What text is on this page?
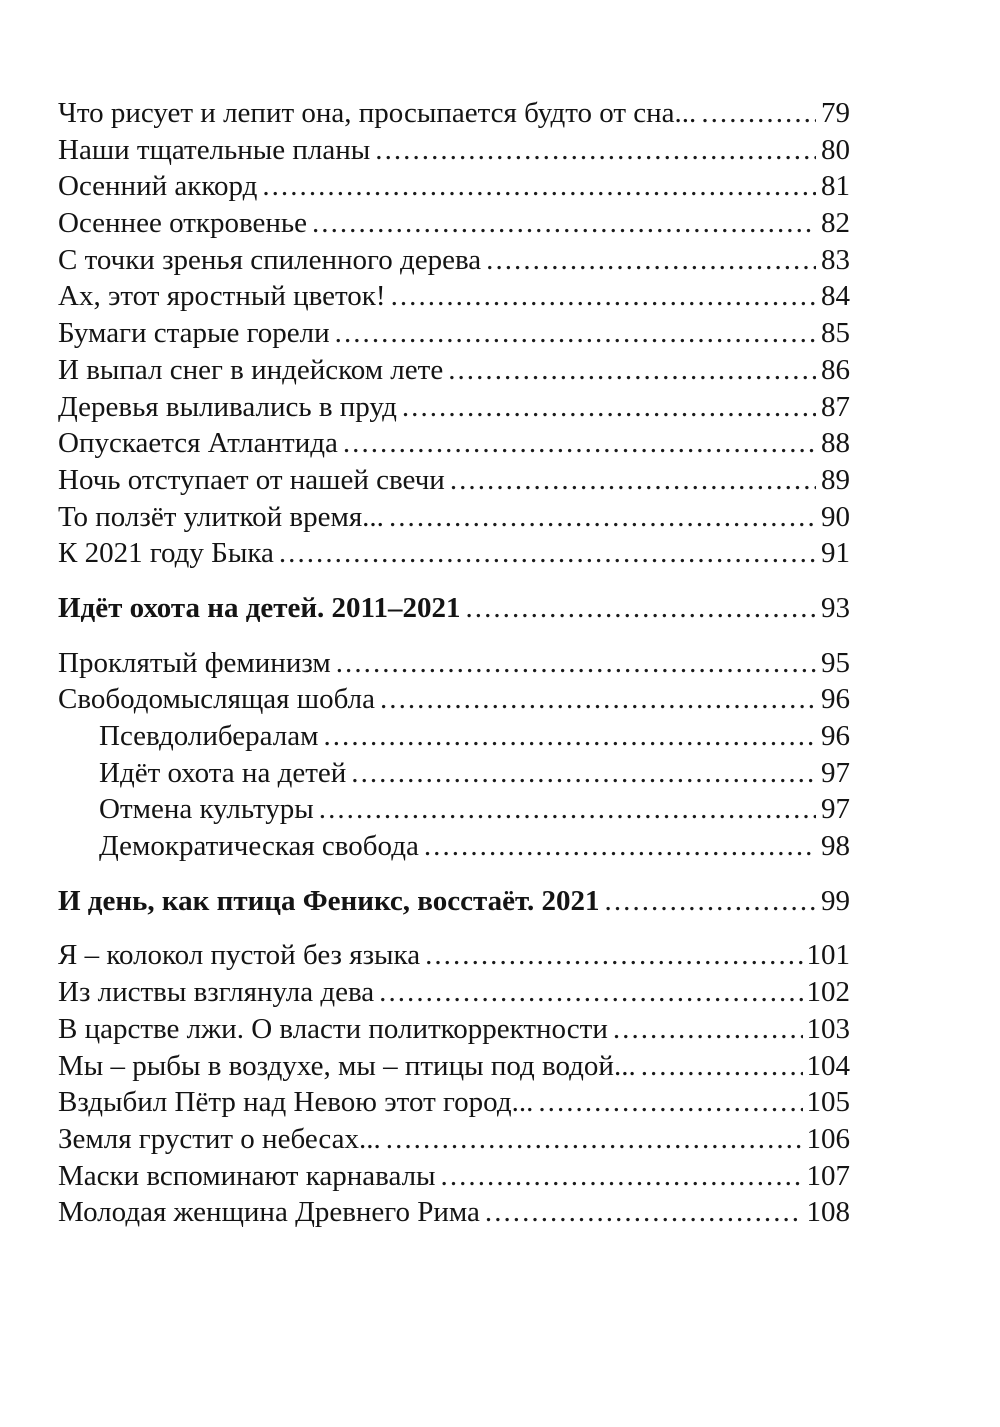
Что рисует и лепит она, просыпается будто от сна... . . .	79
Наши тщательные планы . . .	80
Осенний аккорд . . .	81
Осеннее откровенье . . .	82
С точки зренья спиленного дерева . . .	83
Ах, этот яростный цветок! . . .	84
Бумаги старые горели . . .	85
И выпал снег в индейском лете . . .	86
Деревья выливались в пруд . . .	87
Опускается Атлантида . . .	88
Ночь отступает от нашей свечи . . .	89
То ползёт улиткой время... . . .	90
К 2021 году Быка . . .	91
Идёт охота на детей. 2011–2021 . . .	93
Проклятый феминизм . . .	95
Свободомыслящая шобла . . .	96
Псевдолибералам . . .	96
Идёт охота на детей . . .	97
Отмена культуры . . .	97
Демократическая свобода . . .	98
И день, как птица Феникс, восстаёт. 2021 . . .	99
Я – колокол пустой без языка . . .	101
Из листвы взглянула дева . . .	102
В царстве лжи. О власти политкорректности . . .	103
Мы – рыбы в воздухе, мы – птицы под водой... . . .	104
Вздыбил Пётр над Невою этот город... . . .	105
Земля грустит о небесах... . . .	106
Маски вспоминают карнавалы . . .	107
Молодая женщина Древнего Рима . . .	108
